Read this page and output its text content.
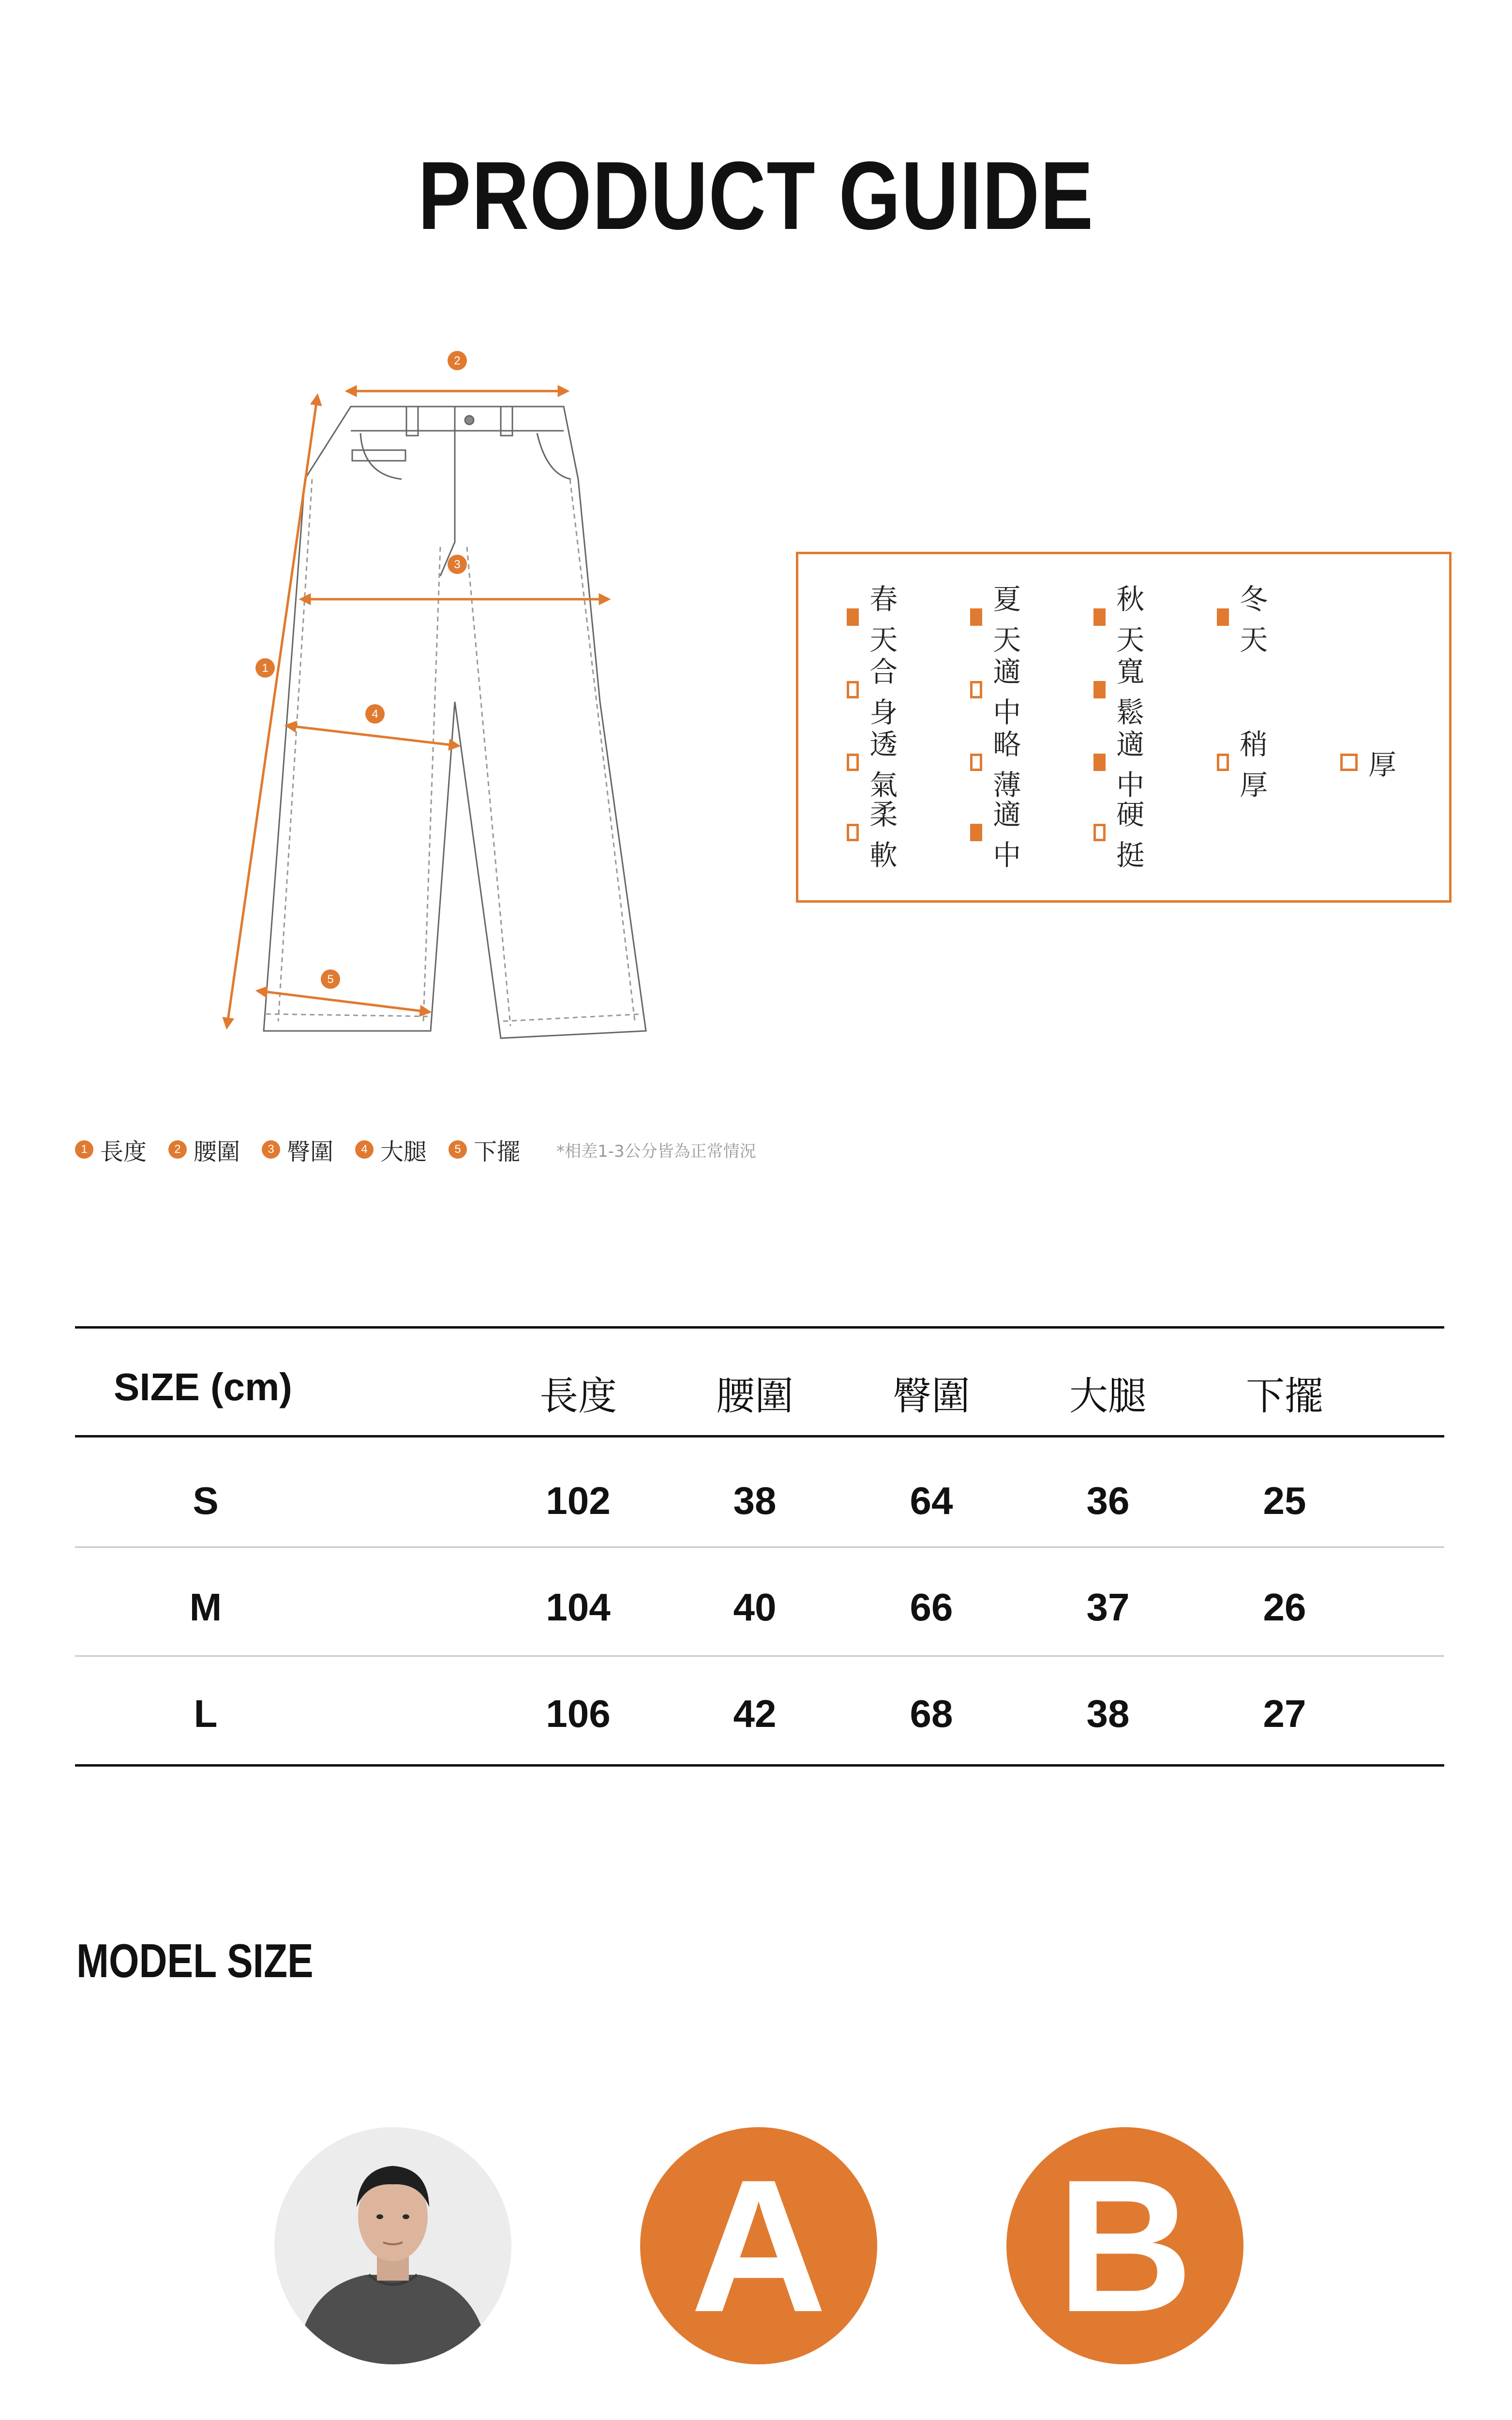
PRODUCT GUIDE
1
2
3
4
5
春天
夏天
秋天
冬天
合身
適中
寬鬆
透氣
略薄
適中
稍厚
厚
柔軟
適中
硬挺
1 長度	2 腰圍	3 臀圍	4 大腿	5 下擺 *相差1-3公分皆為正常情況
SIZE (cm)	長度	腰圍	臀圍	大腿	下擺
S	102	38	64	36	25
M	104	40	66	37	26
L	106	42	68	38	27
MODEL SIZE
A B
